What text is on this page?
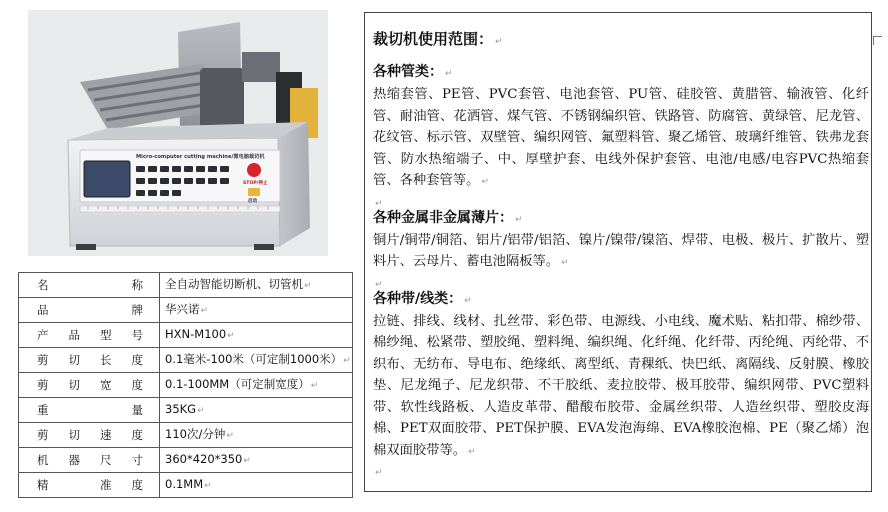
Micro-computer cutting machine/微电脑裁切机
STOP/停止
启动
名　称	全自动智能切断机、切管机↵
品　牌	华兴诺↵
产品型号	HXN-M100↵
剪切长度	0.1毫米-100米（可定制1000米）↵
剪切宽度	0.1-100MM（可定制宽度）↵
重　量	35KG↵
剪切速度	110次/分钟↵
机器尺寸	360*420*350↵
精　准度	0.1MM↵
裁切机使用范围： ↵
各种管类： ↵
热缩套管、PE管、PVC套管、电池套管、PU管、硅胶管、黄腊管、输液管、化纤管、耐油管、花洒管、煤气管、不锈钢编织管、铁路管、防腐管、黄绿管、尼龙管、花纹管、标示管、双壁管、编织网管、氟塑料管、聚乙烯管、玻璃纤维管、铁弗龙套管、防水热缩端子、中、厚壁护套、电线外保护套管、电池/电感/电容PVC热缩套管、各种套管等。 ↵
↵
各种金属非金属薄片： ↵
铜片/铜带/铜箔、铝片/铝带/铝箔、镍片/镍带/镍箔、焊带、电极、极片、扩散片、塑料片、云母片、蓄电池隔板等。 ↵
↵
各种带/线类： ↵
拉链、排线、线材、扎丝带、彩色带、电源线、小电线、魔术贴、粘扣带、棉纱带、棉纱绳、松紧带、塑胶绳、塑料绳、编织绳、化纤绳、化纤带、丙纶绳、丙纶带、不织布、无纺布、导电布、绝缘纸、离型纸、青稞纸、快巴纸、离隔线、反射膜、橡胶垫、尼龙绳子、尼龙织带、不干胶纸、麦拉胶带、极耳胶带、编织网带、PVC塑料带、软性线路板、人造皮革带、醋酸布胶带、金属丝织带、人造丝织带、塑胶皮海棉、PET双面胶带、PET保护膜、EVA发泡海绵、EVA橡胶泡棉、PE（聚乙烯）泡棉双面胶带等。 ↵
↵
